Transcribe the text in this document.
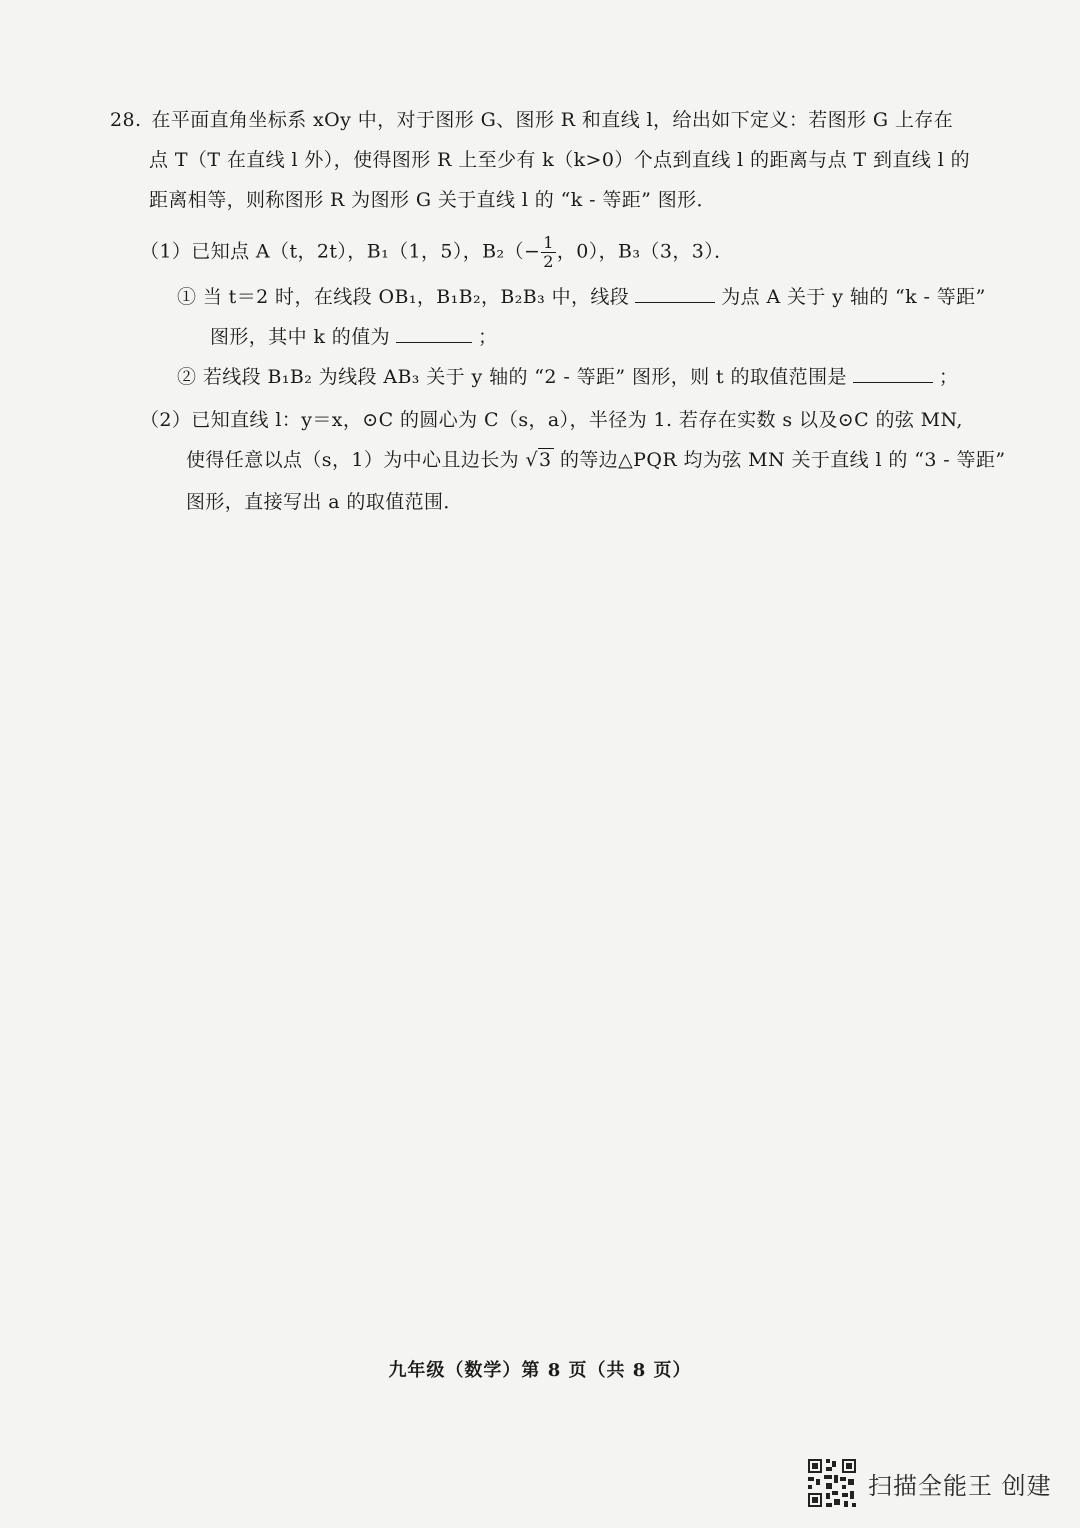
28. 在平面直角坐标系 xOy 中，对于图形 G、图形 R 和直线 l，给出如下定义：若图形 G 上存在
点 T（T 在直线 l 外），使得图形 R 上至少有 k（k>0）个点到直线 l 的距离与点 T 到直线 l 的
距离相等，则称图形 R 为图形 G 关于直线 l 的 “k - 等距” 图形．
（1）已知点 A（t，2t），B₁（1，5），$B_2(- \frac{1}{2}$ ，0），B₃（3，3）．
① 当 t＝2 时，在线段 OB₁，B₁B₂，B₂B₃ 中，线段	为点 A 关于 y 轴的 “k - 等距”
图形，其中 k 的值为	；
② 若线段 B₁B₂ 为线段 AB₃ 关于 y 轴的 “2 - 等距” 图形，则 t 的取值范围是	；
（2）已知直线 l：y＝x，⊙C 的圆心为 C（s，a），半径为 1. 若存在实数 s 以及⊙C 的弦 MN,
使得任意以点（s，1）为中心且边长为 √3 的等边△PQR 均为弦 MN 关于直线 l 的 “3 - 等距”
图形，直接写出 a 的取值范围．
九年级（数学）第 8 页（共 8 页）
扫描全能王 创建
